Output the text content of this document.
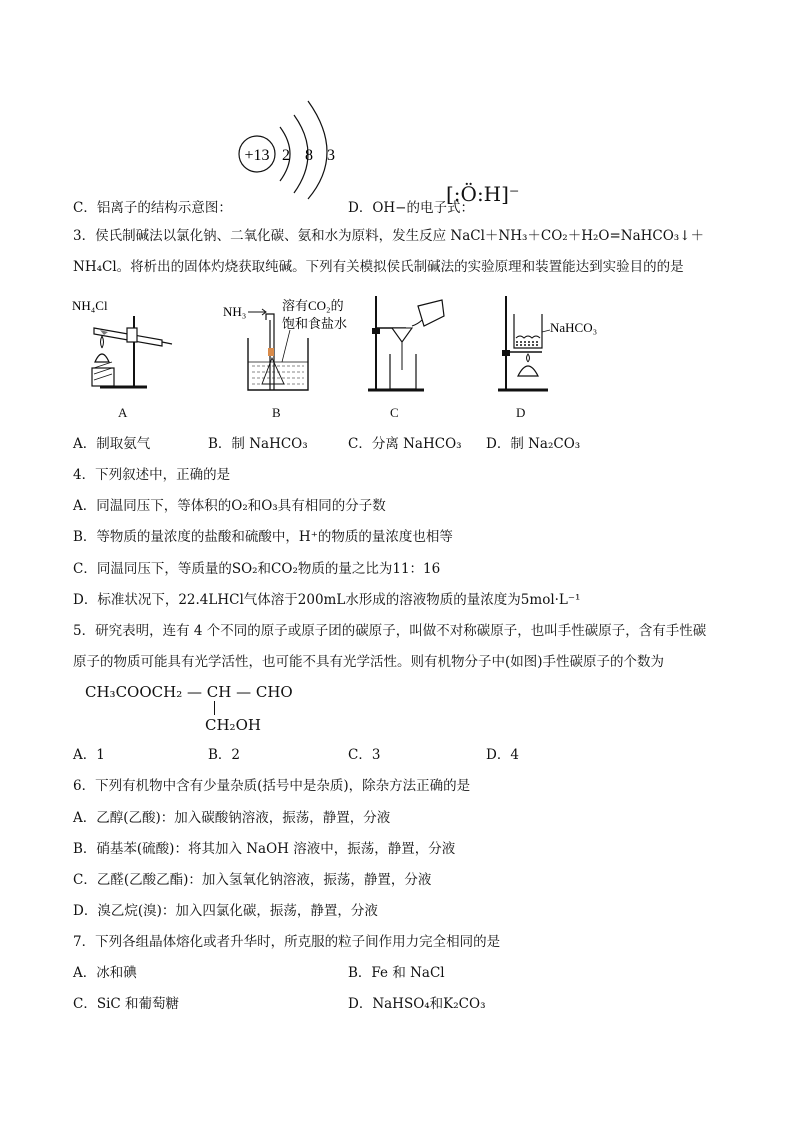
+13 2 8 3
C．铝离子的结构示意图：	D．OH−的电子式：
[:Ö:H]⁻
3．侯氏制碱法以氯化钠、二氧化碳、氨和水为原料，发生反应 NaCl＋NH₃＋CO₂＋H₂O=NaHCO₃↓＋
NH₄Cl。将析出的固体灼烧获取纯碱。下列有关模拟侯氏制碱法的实验原理和装置能达到实验目的的是
NH₄Cl
A
NH₃	溶有CO₂的
饱和食盐水
B	C
NaHCO₃
D
A．制取氨气	B．制 NaHCO₃	C．分离 NaHCO₃ D．制 Na₂CO₃
4．下列叙述中，正确的是
A．同温同压下，等体积的O₂和O₃具有相同的分子数
B．等物质的量浓度的盐酸和硫酸中，H⁺的物质的量浓度也相等
C．同温同压下，等质量的SO₂和CO₂物质的量之比为11：16
D．标准状况下，22.4LHCl气体溶于200mL水形成的溶液物质的量浓度为5mol·L⁻¹
5．研究表明，连有 4 个不同的原子或原子团的碳原子，叫做不对称碳原子，也叫手性碳原子，含有手性碳
原子的物质可能具有光学活性，也可能不具有光学活性。则有机物分子中(如图)手性碳原子的个数为
CH₃COOCH₂ — CH — CHO
CH₂OH
A．1	B．2	C．3	D．4
6．下列有机物中含有少量杂质(括号中是杂质)，除杂方法正确的是
A．乙醇(乙酸)：加入碳酸钠溶液，振荡，静置，分液
B．硝基苯(硫酸)：将其加入 NaOH 溶液中，振荡，静置，分液
C．乙醛(乙酸乙酯)：加入氢氧化钠溶液，振荡，静置，分液
D．溴乙烷(溴)：加入四氯化碳，振荡，静置，分液
7．下列各组晶体熔化或者升华时，所克服的粒子间作用力完全相同的是
A．冰和碘	B．Fe 和 NaCl
C．SiC 和葡萄糖	D．NaHSO₄和K₂CO₃
